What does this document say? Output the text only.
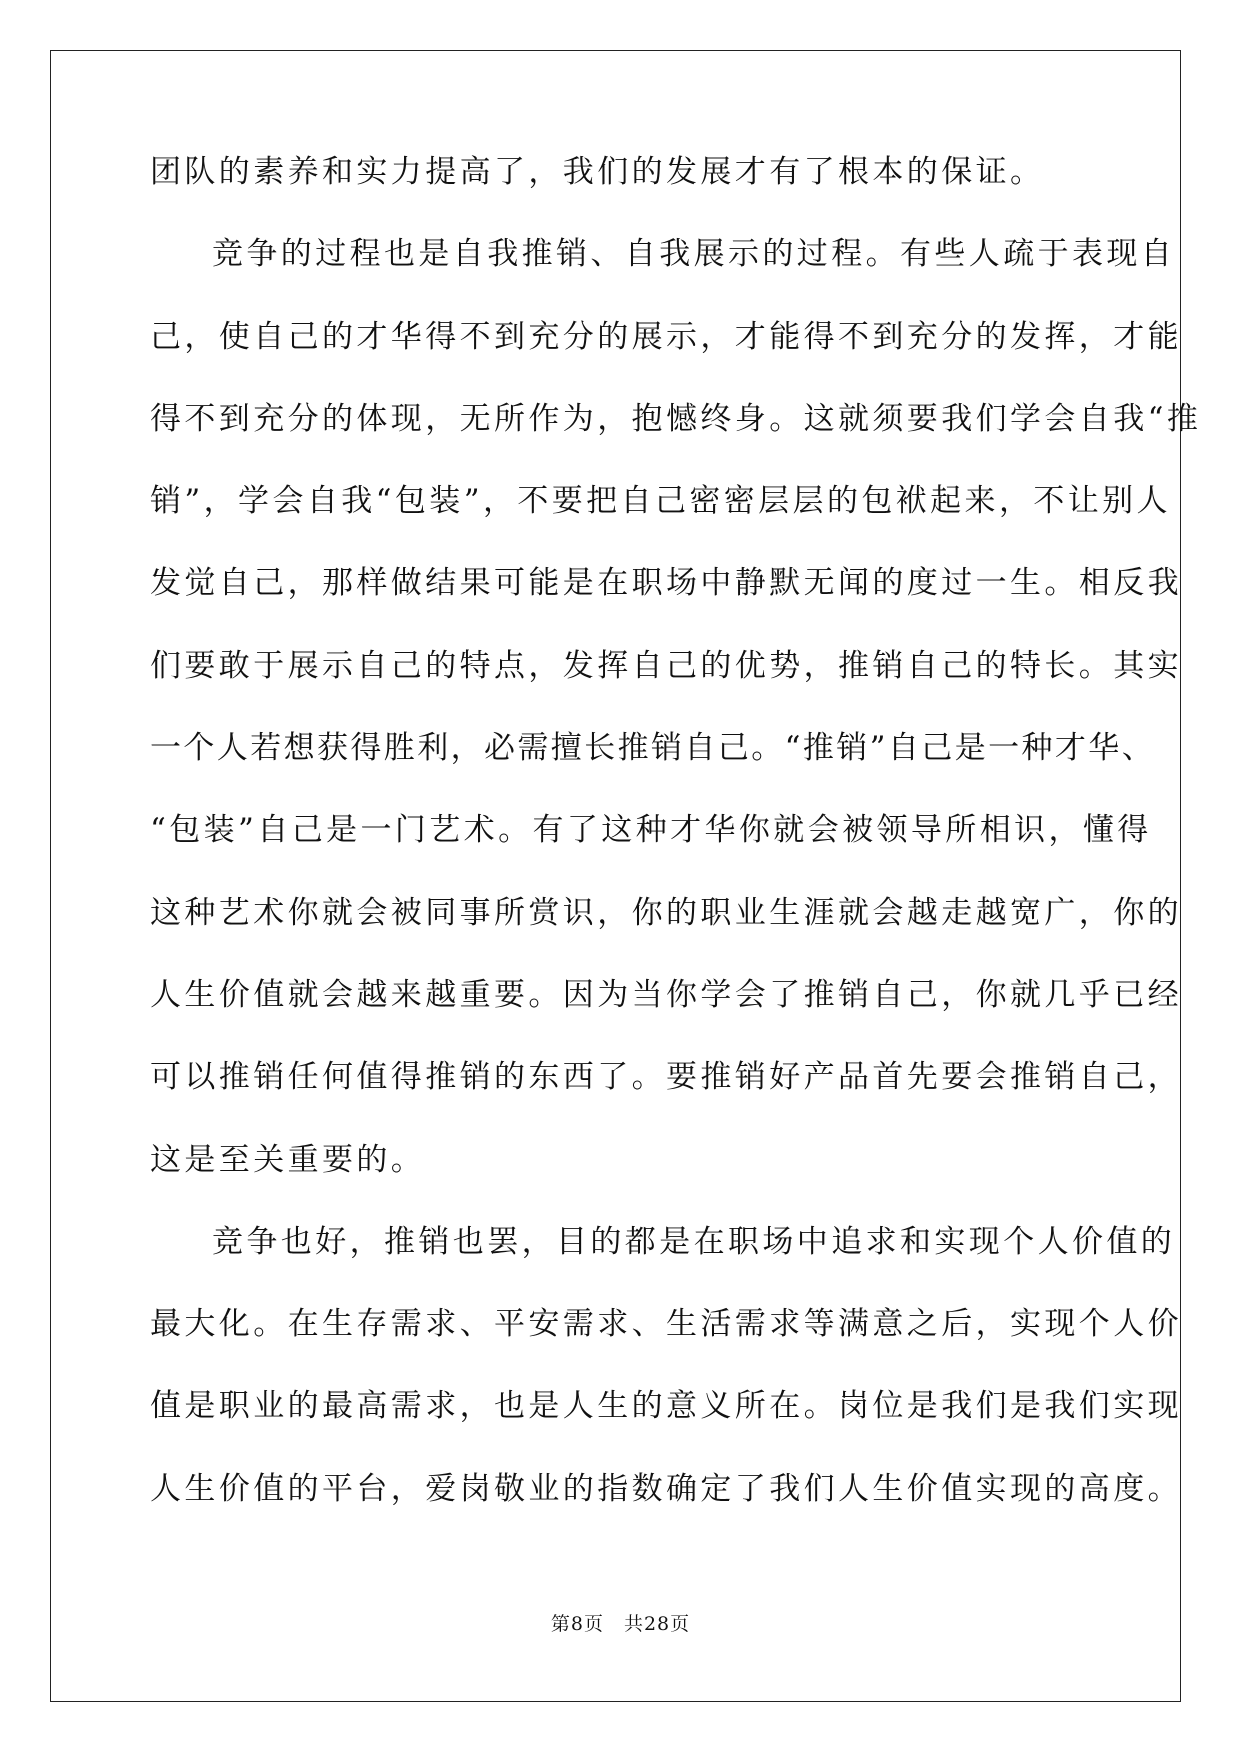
团队的素养和实力提高了，我们的发展才有了根本的保证。
竞争的过程也是自我推销、自我展示的过程。有些人疏于表现自
己，使自己的才华得不到充分的展示，才能得不到充分的发挥，才能
得不到充分的体现，无所作为，抱憾终身。这就须要我们学会自我“推
销”，学会自我“包装”，不要把自己密密层层的包袱起来，不让别人
发觉自己，那样做结果可能是在职场中静默无闻的度过一生。相反我
们要敢于展示自己的特点，发挥自己的优势，推销自己的特长。其实
一个人若想获得胜利，必需擅长推销自己。“推销”自己是一种才华、
“包装”自己是一门艺术。有了这种才华你就会被领导所相识，懂得
这种艺术你就会被同事所赏识，你的职业生涯就会越走越宽广，你的
人生价值就会越来越重要。因为当你学会了推销自己，你就几乎已经
可以推销任何值得推销的东西了。要推销好产品首先要会推销自己，
这是至关重要的。
竞争也好，推销也罢，目的都是在职场中追求和实现个人价值的
最大化。在生存需求、平安需求、生活需求等满意之后，实现个人价
值是职业的最高需求，也是人生的意义所在。岗位是我们是我们实现
人生价值的平台，爱岗敬业的指数确定了我们人生价值实现的高度。
第8页 共28页
